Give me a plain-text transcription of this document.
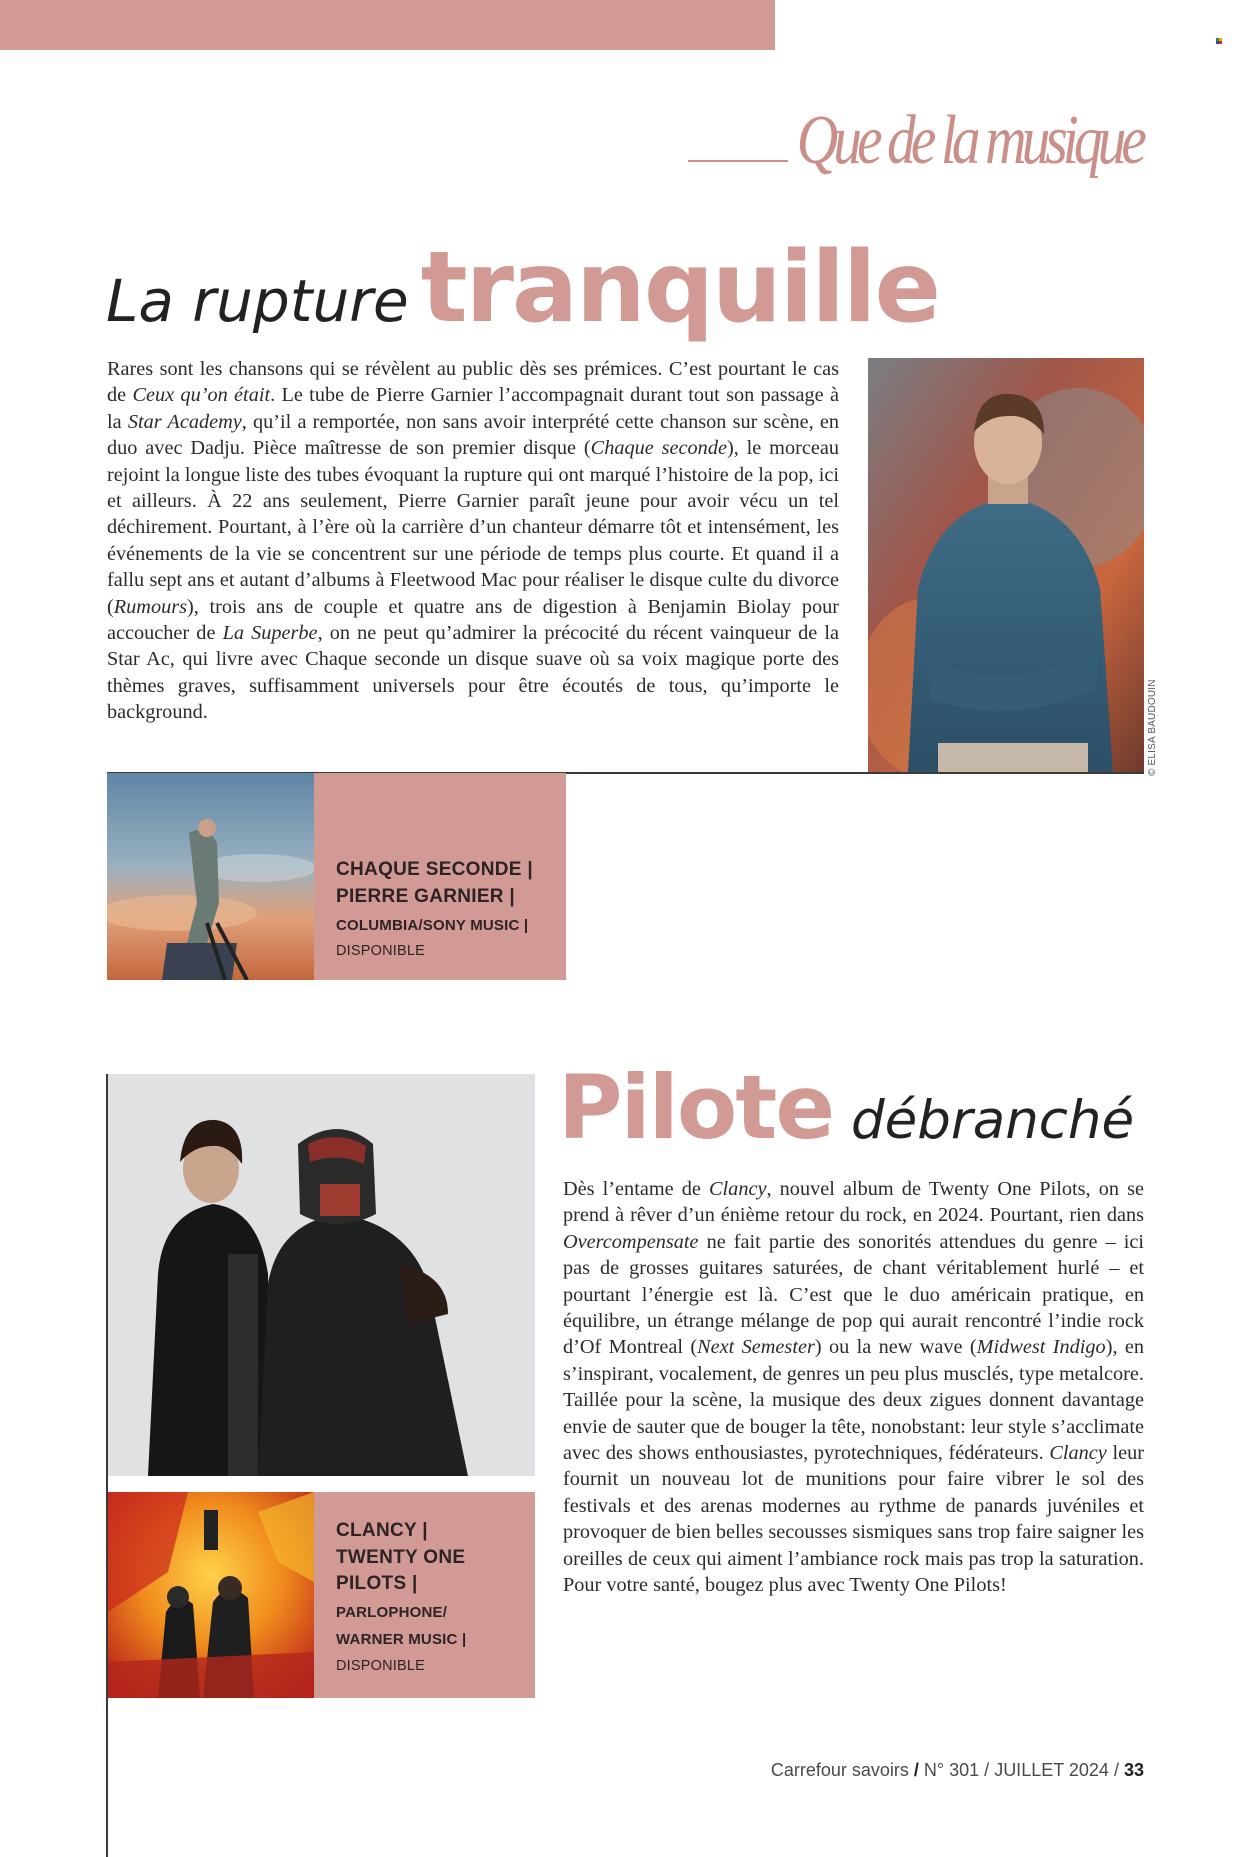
Que de la musique
La rupture tranquille
Rares sont les chansons qui se révèlent au public dès ses prémices. C’est pourtant le cas de Ceux qu’on était. Le tube de Pierre Garnier l’accompagnait durant tout son passage à la Star Academy, qu’il a remportée, non sans avoir interprété cette chanson sur scène, en duo avec Dadju. Pièce maîtresse de son premier disque (Chaque seconde), le morceau rejoint la longue liste des tubes évoquant la rupture qui ont marqué l’histoire de la pop, ici et ailleurs. À 22 ans seulement, Pierre Garnier paraît jeune pour avoir vécu un tel déchirement. Pourtant, à l’ère où la carrière d’un chanteur démarre tôt et intensément, les événements de la vie se concentrent sur une période de temps plus courte. Et quand il a fallu sept ans et autant d’albums à Fleetwood Mac pour réaliser le disque culte du divorce (Rumours), trois ans de couple et quatre ans de digestion à Benjamin Biolay pour accoucher de La Superbe, on ne peut qu’admirer la précocité du récent vainqueur de la Star Ac, qui livre avec Chaque seconde un disque suave où sa voix magique porte des thèmes graves, suffisamment universels pour être écoutés de tous, qu’importe le background.	© ELISA BAUDOUIN
CHAQUE SECONDE |
PIERRE GARNIER |
COLUMBIA/SONY MUSIC |
DISPONIBLE
CLANCY |
TWENTY ONE
PILOTS |
PARLOPHONE/
WARNER MUSIC |
DISPONIBLE
Pilote débranché
Dès l’entame de Clancy, nouvel album de Twenty One Pilots, on se prend à rêver d’un énième retour du rock, en 2024. Pourtant, rien dans Overcompensate ne fait partie des sonorités attendues du genre – ici pas de grosses guitares saturées, de chant véritablement hurlé – et pourtant l’énergie est là. C’est que le duo américain pratique, en équilibre, un étrange mélange de pop qui aurait rencontré l’indie rock d’Of Montreal (Next Semester) ou la new wave (Midwest Indigo), en s’inspirant, vocalement, de genres un peu plus musclés, type metalcore. Taillée pour la scène, la musique des deux zigues donnent davantage envie de sauter que de bouger la tête, nonobstant: leur style s’acclimate avec des shows enthousiastes, pyrotechniques, fédérateurs. Clancy leur fournit un nouveau lot de munitions pour faire vibrer le sol des festivals et des arenas modernes au rythme de panards juvéniles et provoquer de bien belles secousses sismiques sans trop faire saigner les oreilles de ceux qui aiment l’ambiance rock mais pas trop la saturation. Pour votre santé, bougez plus avec Twenty One Pilots!
Carrefour savoirs / N° 301 / JUILLET 2024 / 33
